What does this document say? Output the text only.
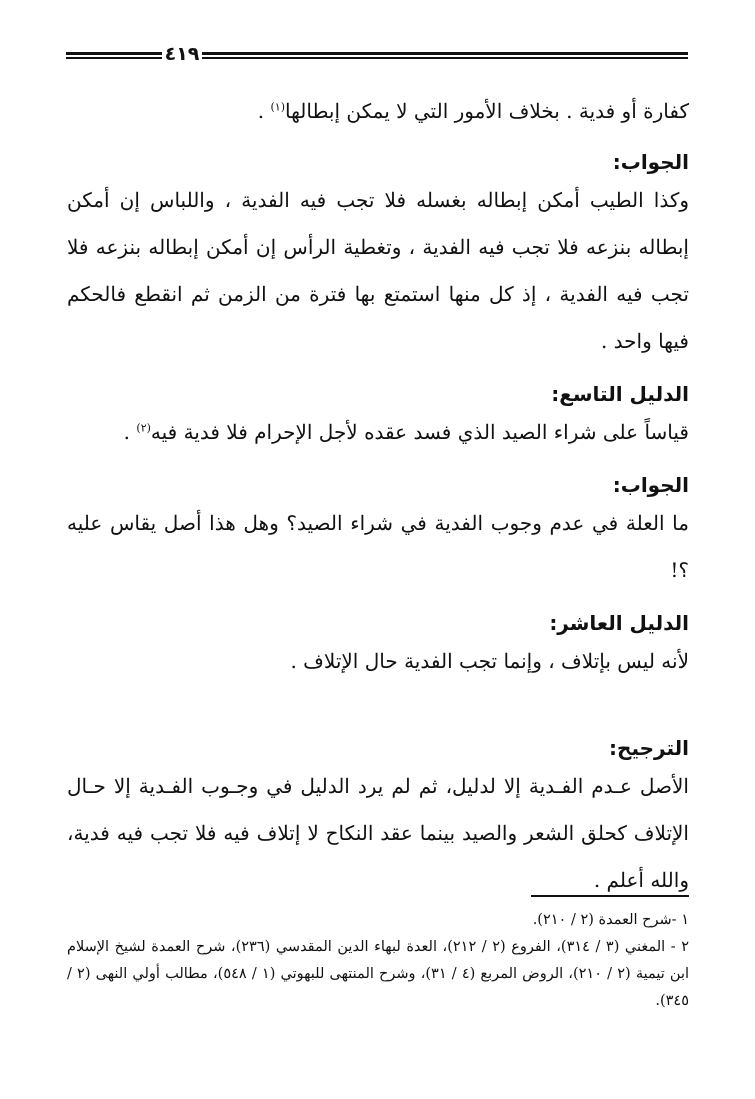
٤١٩

كفارة أو فدية . بخلاف الأمور التي لا يمكن إبطالها$^{(١)}$ .

الجواب:

وكذا الطيب أمكن إبطاله بغسله فلا تجب فيه الفدية ، واللباس إن أمكن إبطاله بنزعه فلا تجب فيه الفدية ، وتغطية الرأس إن أمكن إبطاله بنزعه فلا تجب فيه الفدية ، إذ كل منها استمتع بها فترة من الزمن ثم انقطع فالحكم فيها واحد .

الدليل التاسع:

قياساً على شراء الصيد الذي فسد عقده لأجل الإحرام فلا فدية فيه$^{(٢)}$ .

الجواب:

ما العلة في عدم وجوب الفدية في شراء الصيد؟ وهل هذا أصل يقاس عليه ؟!

الدليل العاشر:

لأنه ليس بإتلاف ، وإنما تجب الفدية حال الإتلاف .

الترجيح:

الأصل عـدم الفـدية إلا لدليل، ثم لم يرد الدليل في وجـوب الفـدية إلا حـال الإتلاف كحلق الشعر والصيد بينما عقد النكاح لا إتلاف فيه فلا تجب فيه فدية، والله أعلم .

١ -شرح العمدة (٢ / ٢١٠).

٢ - المغني (٣ / ٣١٤)، الفروع (٢ / ٢١٢)، العدة لبهاء الدين المقدسي (٢٣٦)، شرح العمدة لشيخ الإسلام ابن تيمية (٢ / ٢١٠)، الروض المربع (٤ / ٣١)، وشرح المنتهى للبهوتي (١ / ٥٤٨)، مطالب أولي النهى (٢ / ٣٤٥).
